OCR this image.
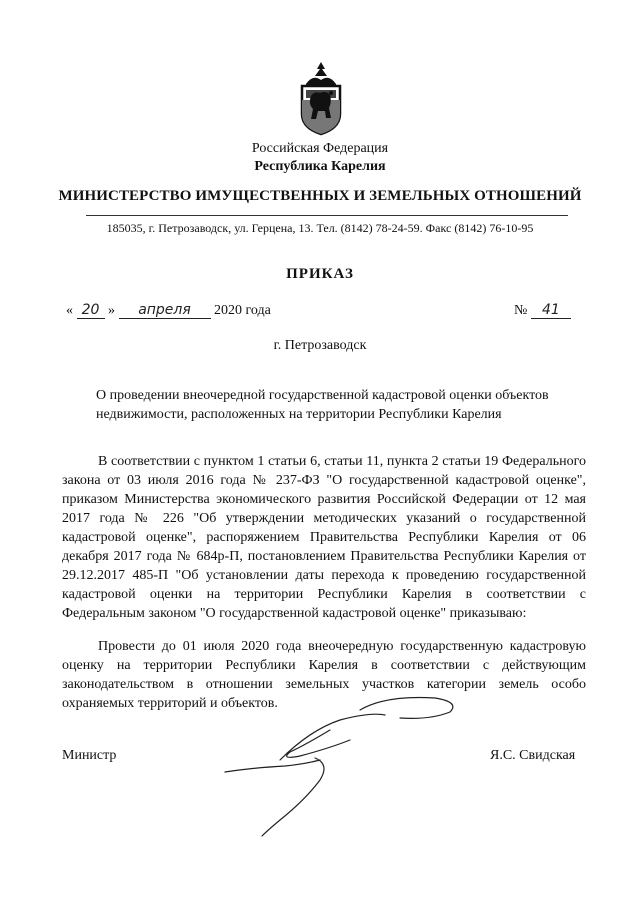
Российская Федерация
Республика Карелия
МИНИСТЕРСТВО ИМУЩЕСТВЕННЫХ И ЗЕМЕЛЬНЫХ ОТНОШЕНИЙ
185035, г. Петрозаводск, ул. Герцена, 13. Тел. (8142) 78-24-59. Факс (8142) 76-10-95
ПРИКАЗ
« 20 » апреля 2020 года	№ 41
г. Петрозаводск
О проведении внеочередной государственной кадастровой оценки объектов недвижимости, расположенных на территории Республики Карелия
В соответствии с пунктом 1 статьи 6, статьи 11, пункта 2 статьи 19 Федерального закона от 03 июля 2016 года № 237-ФЗ "О государственной кадастровой оценке", приказом Министерства экономического развития Российской Федерации от 12 мая 2017 года № 226 "Об утверждении методических указаний о государственной кадастровой оценке", распоряжением Правительства Республики Карелия от 06 декабря 2017 года № 684р-П, постановлением Правительства Республики Карелия от 29.12.2017 485-П "Об установлении даты перехода к проведению государственной кадастровой оценки на территории Республики Карелия в соответствии с Федеральным законом "О государственной кадастровой оценке" приказываю:
Провести до 01 июля 2020 года внеочередную государственную кадастровую оценку на территории Республики Карелия в соответствии с действующим законодательством в отношении земельных участков категории земель особо охраняемых территорий и объектов.
Министр	Я.С. Свидская
